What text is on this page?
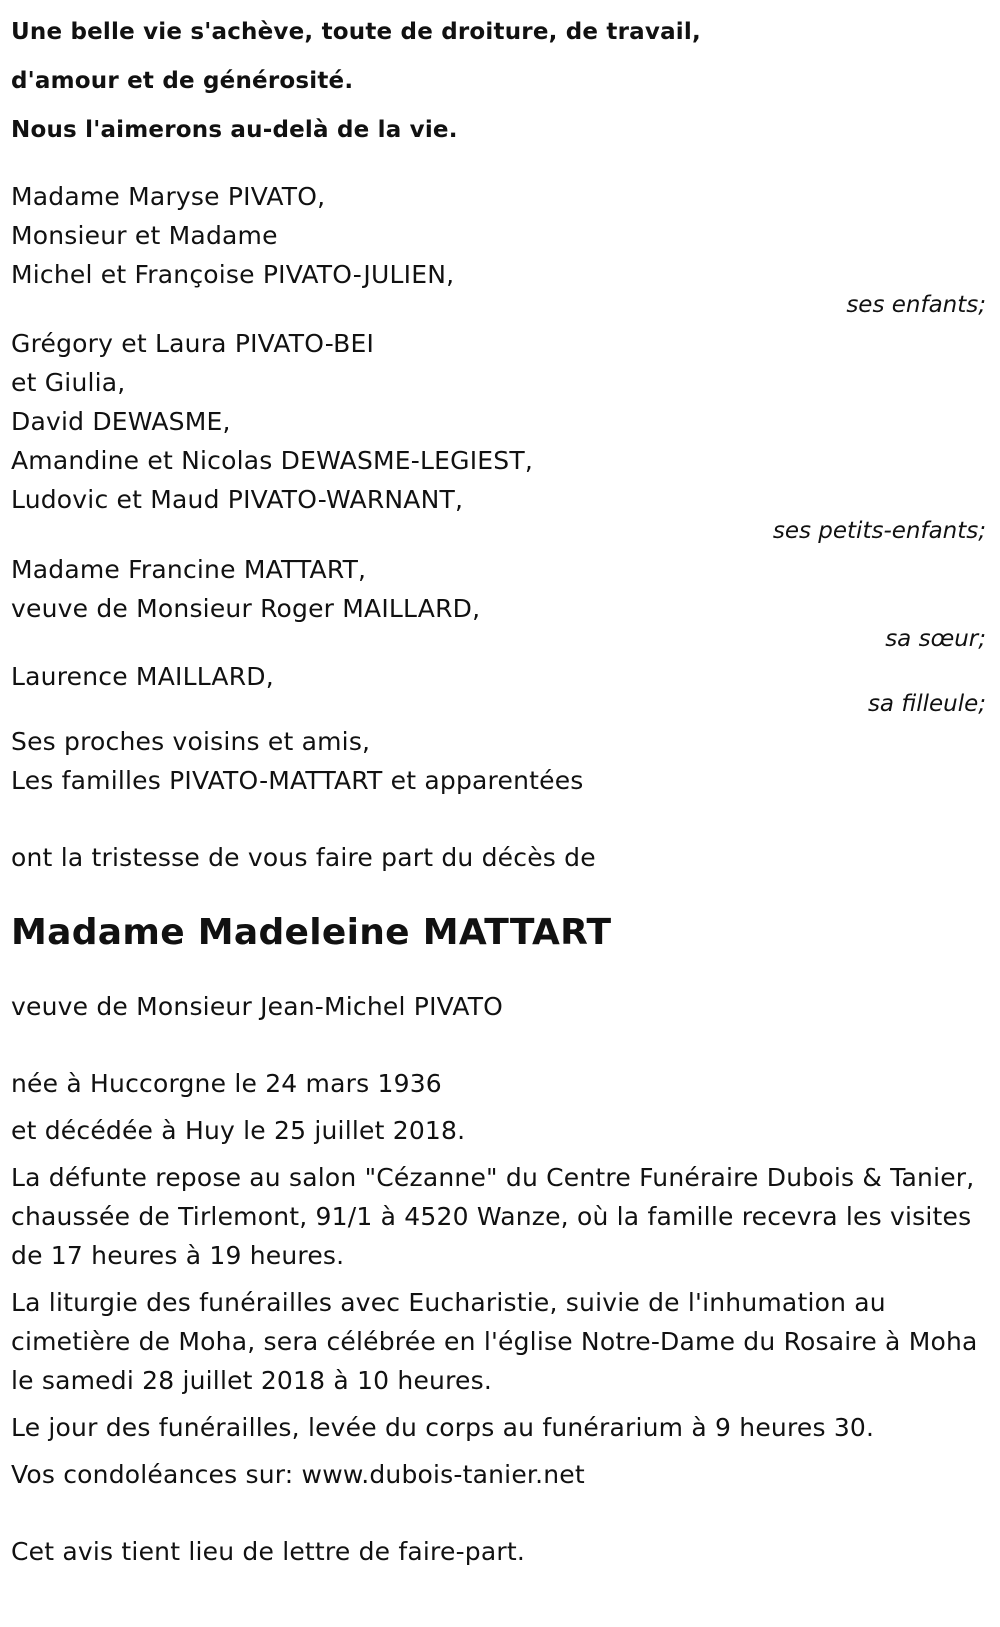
Une belle vie s'achève, toute de droiture, de travail,

d'amour et de générosité.

Nous l'aimerons au-delà de la vie.

Madame Maryse PIVATO,

Monsieur et Madame

Michel et Françoise PIVATO-JULIEN,

ses enfants;

Grégory et Laura PIVATO-BEI

et Giulia,

David DEWASME,

Amandine et Nicolas DEWASME-LEGIEST,

Ludovic et Maud PIVATO-WARNANT,

ses petits-enfants;

Madame Francine MATTART,

veuve de Monsieur Roger MAILLARD,

sa sœur;

Laurence MAILLARD,

sa filleule;

Ses proches voisins et amis,

Les familles PIVATO-MATTART et apparentées

ont la tristesse de vous faire part du décès de

Madame Madeleine MATTART

veuve de Monsieur Jean-Michel PIVATO

née à Huccorgne le 24 mars 1936

et décédée à Huy le 25 juillet 2018.

La défunte repose au salon "Cézanne" du Centre Funéraire Dubois & Tanier, chaussée de Tirlemont, 91/1 à 4520 Wanze, où la famille recevra les visites de 17 heures à 19 heures.

La liturgie des funérailles avec Eucharistie, suivie de l'inhumation au cimetière de Moha, sera célébrée en l'église Notre-Dame du Rosaire à Moha le samedi 28 juillet 2018 à 10 heures.

Le jour des funérailles, levée du corps au funérarium à 9 heures 30.

Vos condoléances sur: www.dubois-tanier.net

Cet avis tient lieu de lettre de faire-part.
